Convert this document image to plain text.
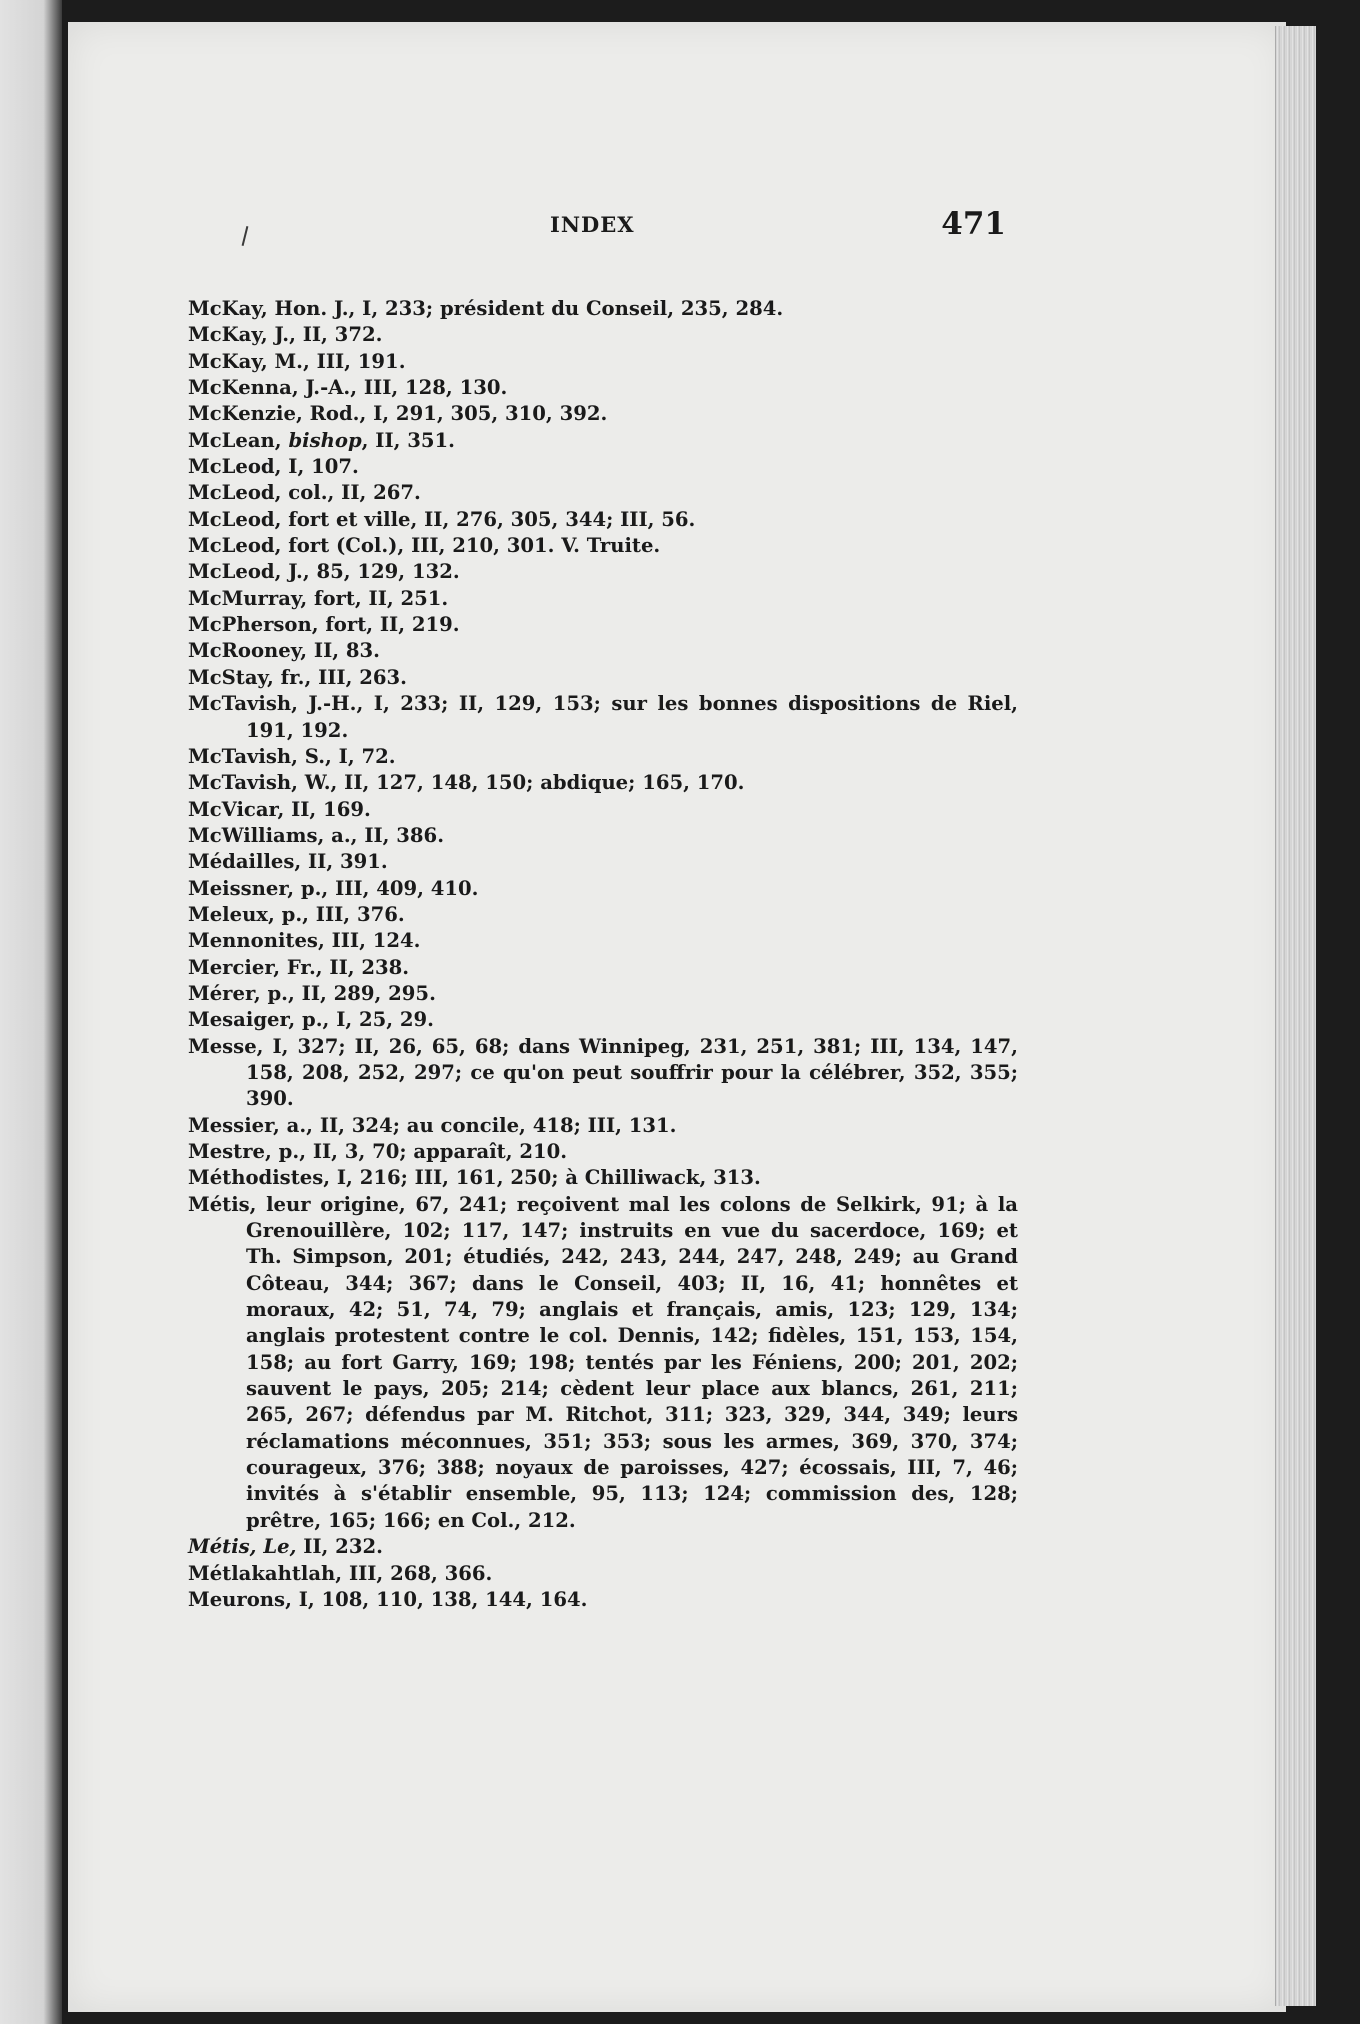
INDEX	471
McKay, Hon. J., I, 233; président du Conseil, 235, 284.
McKay, J., II, 372.
McKay, M., III, 191.
McKenna, J.-A., III, 128, 130.
McKenzie, Rod., I, 291, 305, 310, 392.
McLean, bishop, II, 351.
McLeod, I, 107.
McLeod, col., II, 267.
McLeod, fort et ville, II, 276, 305, 344; III, 56.
McLeod, fort (Col.), III, 210, 301. V. Truite.
McLeod, J., 85, 129, 132.
McMurray, fort, II, 251.
McPherson, fort, II, 219.
McRooney, II, 83.
McStay, fr., III, 263.
McTavish, J.-H., I, 233; II, 129, 153; sur les bonnes dispositions de Riel, 191, 192.
McTavish, S., I, 72.
McTavish, W., II, 127, 148, 150; abdique; 165, 170.
McVicar, II, 169.
McWilliams, a., II, 386.
Médailles, II, 391.
Meissner, p., III, 409, 410.
Meleux, p., III, 376.
Mennonites, III, 124.
Mercier, Fr., II, 238.
Mérer, p., II, 289, 295.
Mesaiger, p., I, 25, 29.
Messe, I, 327; II, 26, 65, 68; dans Winnipeg, 231, 251, 381; III, 134, 147, 158, 208, 252, 297; ce qu'on peut souffrir pour la célébrer, 352, 355; 390.
Messier, a., II, 324; au concile, 418; III, 131.
Mestre, p., II, 3, 70; apparaît, 210.
Méthodistes, I, 216; III, 161, 250; à Chilliwack, 313.
Métis, leur origine, 67, 241; reçoivent mal les colons de Selkirk, 91; à la Grenouillère, 102; 117, 147; instruits en vue du sacerdoce, 169; et Th. Simpson, 201; étudiés, 242, 243, 244, 247, 248, 249; au Grand Côteau, 344; 367; dans le Conseil, 403; II, 16, 41; honnêtes et moraux, 42; 51, 74, 79; anglais et français, amis, 123; 129, 134; anglais protestent contre le col. Dennis, 142; fidèles, 151, 153, 154, 158; au fort Garry, 169; 198; tentés par les Féniens, 200; 201, 202; sauvent le pays, 205; 214; cèdent leur place aux blancs, 261, 211; 265, 267; défendus par M. Ritchot, 311; 323, 329, 344, 349; leurs réclamations méconnues, 351; 353; sous les armes, 369, 370, 374; courageux, 376; 388; noyaux de paroisses, 427; écossais, III, 7, 46; invités à s'établir ensemble, 95, 113; 124; commission des, 128; prêtre, 165; 166; en Col., 212.
Métis, Le, II, 232.
Métlakahtlah, III, 268, 366.
Meurons, I, 108, 110, 138, 144, 164.
